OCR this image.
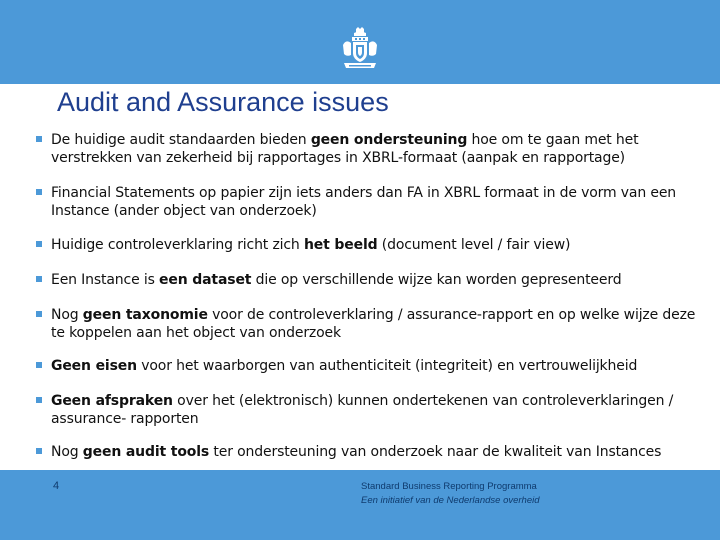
Audit and Assurance issues
De huidige audit standaarden bieden geen ondersteuning hoe om te gaan met het verstrekken van zekerheid bij rapportages in XBRL-formaat (aanpak en rapportage)
Financial Statements op papier zijn iets anders dan FA in XBRL formaat in de vorm van een Instance (ander object van onderzoek)
Huidige controleverklaring richt zich het beeld (document level / fair view)
Een Instance is een dataset die op verschillende wijze kan worden gepresenteerd
Nog geen taxonomie voor de controleverklaring / assurance-rapport en op welke wijze deze te koppelen aan het object van onderzoek
Geen eisen voor het waarborgen van authenticiteit (integriteit) en vertrouwelijkheid
Geen afspraken over het (elektronisch) kunnen ondertekenen van controleverklaringen / assurance- rapporten
Nog geen audit tools ter ondersteuning van onderzoek naar de kwaliteit van Instances
4	Standard Business Reporting Programma
Een initiatief van de Nederlandse overheid
